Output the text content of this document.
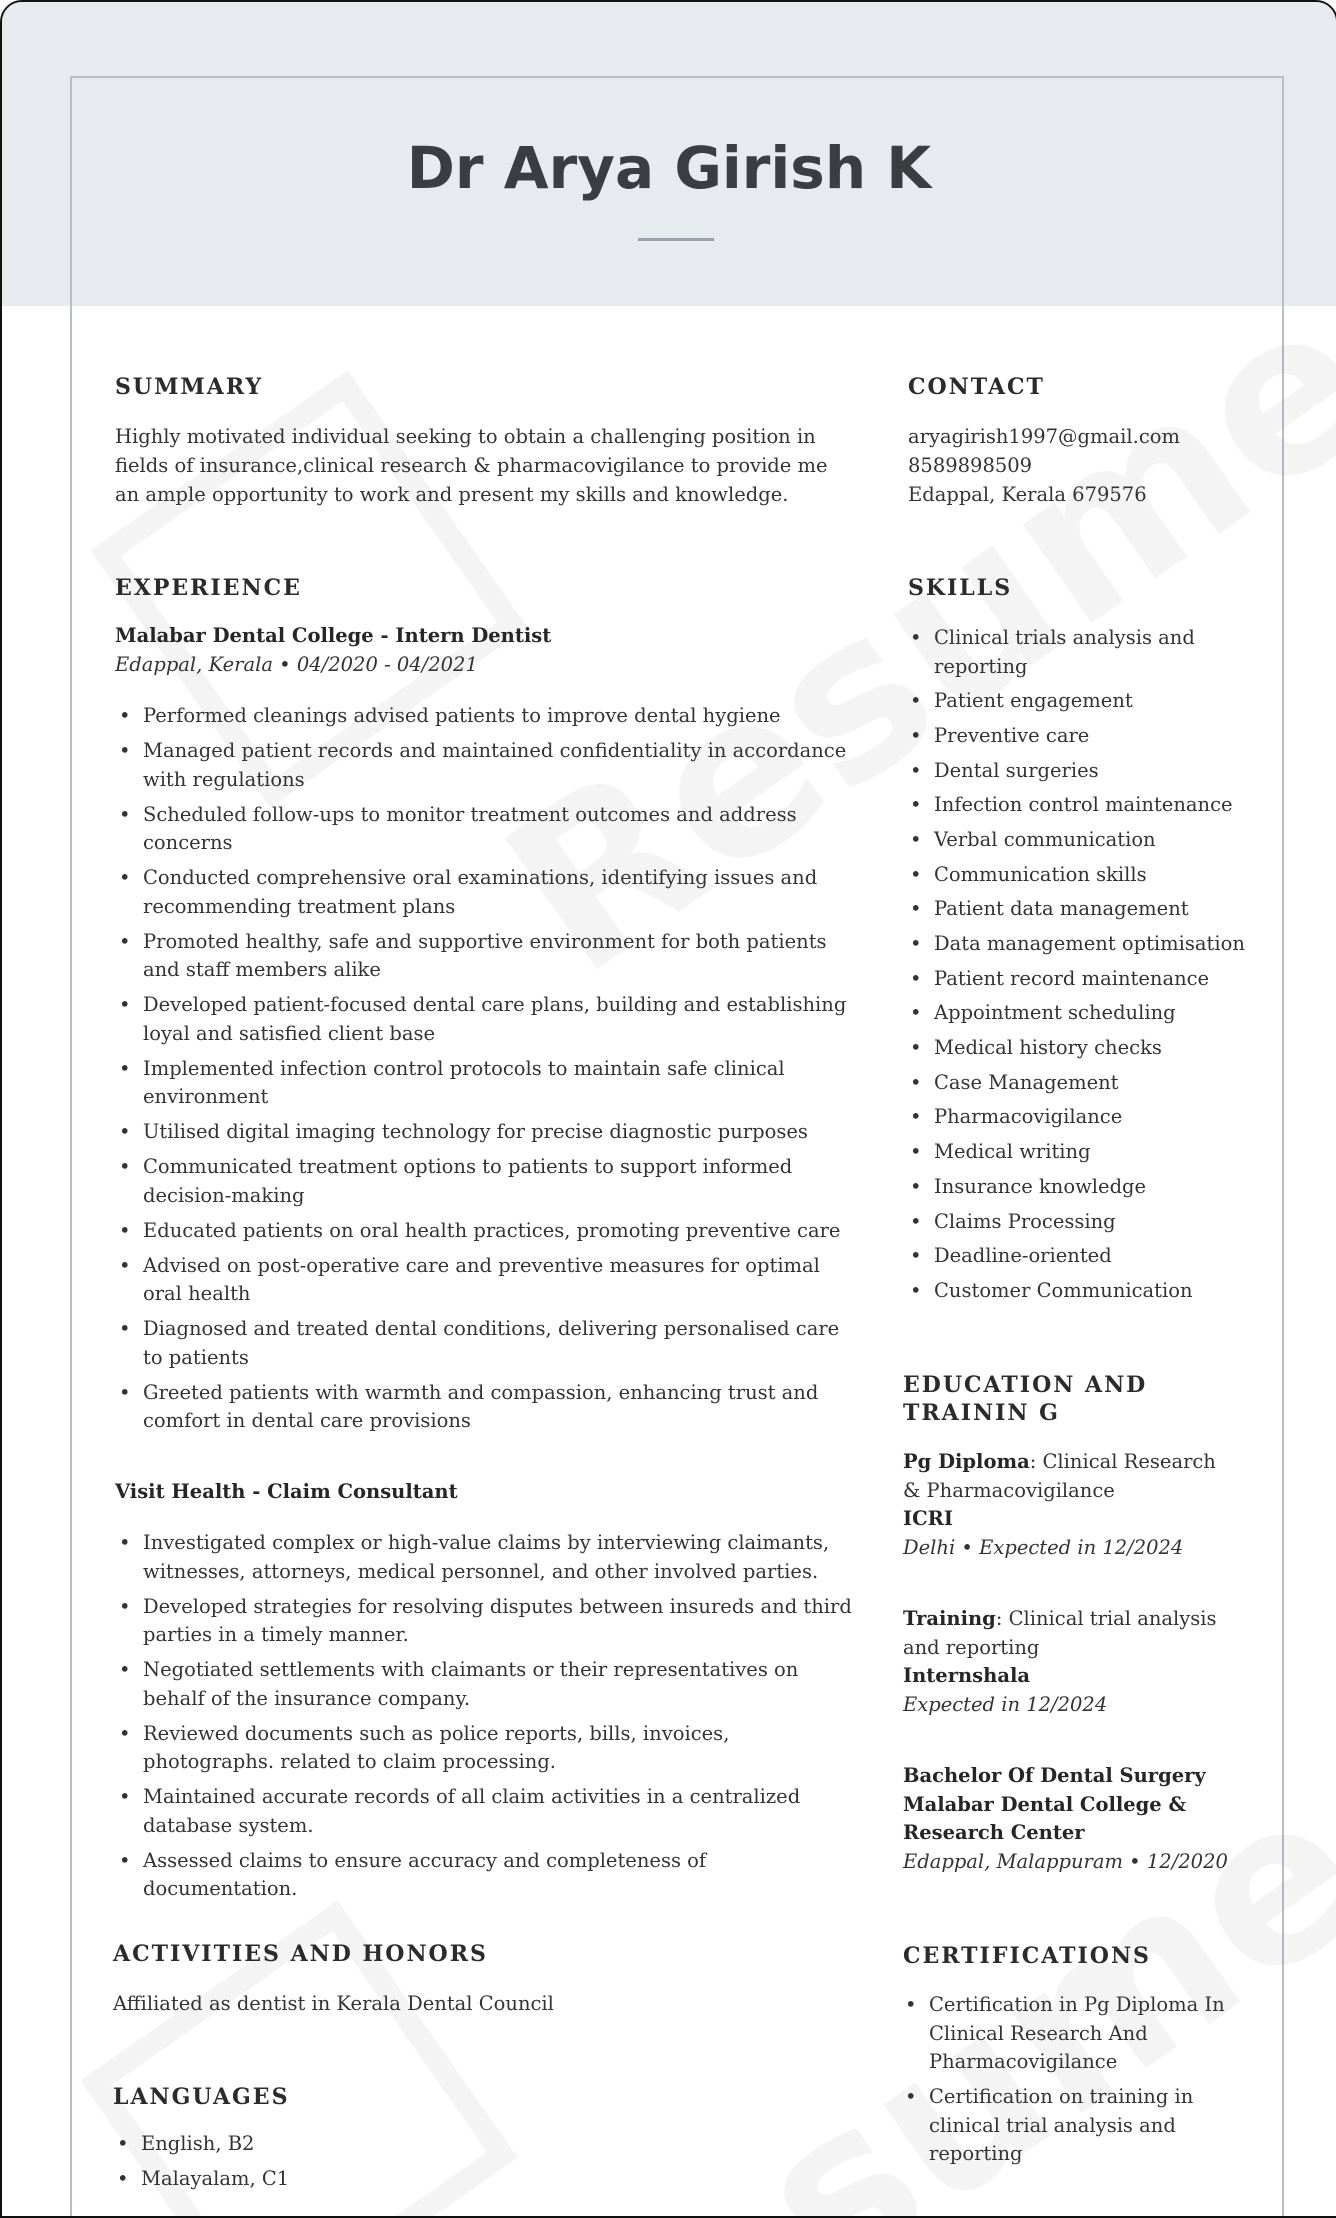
Dr Arya Girish K
SUMMARY
Highly motivated individual seeking to obtain a challenging position in fields of insurance,clinical research & pharmacovigilance to provide me an ample opportunity to work and present my skills and knowledge.
EXPERIENCE
Malabar Dental College - Intern Dentist
Edappal, Kerala • 04/2020 - 04/2021
• Performed cleanings advised patients to improve dental hygiene
• Managed patient records and maintained confidentiality in accordance with regulations
• Scheduled follow-ups to monitor treatment outcomes and address concerns
• Conducted comprehensive oral examinations, identifying issues and recommending treatment plans
• Promoted healthy, safe and supportive environment for both patients and staff members alike
• Developed patient-focused dental care plans, building and establishing loyal and satisfied client base
• Implemented infection control protocols to maintain safe clinical environment
• Utilised digital imaging technology for precise diagnostic purposes
• Communicated treatment options to patients to support informed decision-making
• Educated patients on oral health practices, promoting preventive care
• Advised on post-operative care and preventive measures for optimal oral health
• Diagnosed and treated dental conditions, delivering personalised care to patients
• Greeted patients with warmth and compassion, enhancing trust and comfort in dental care provisions
Visit Health - Claim Consultant
• Investigated complex or high-value claims by interviewing claimants, witnesses, attorneys, medical personnel, and other involved parties.
• Developed strategies for resolving disputes between insureds and third parties in a timely manner.
• Negotiated settlements with claimants or their representatives on behalf of the insurance company.
• Reviewed documents such as police reports, bills, invoices, photographs. related to claim processing.
• Maintained accurate records of all claim activities in a centralized database system.
• Assessed claims to ensure accuracy and completeness of documentation.
ACTIVITIES AND HONORS
Affiliated as dentist in Kerala Dental Council
LANGUAGES
• English, B2
• Malayalam, C1
CONTACT
aryagirish1997@gmail.com
8589898509
Edappal, Kerala 679576
SKILLS
• Clinical trials analysis and reporting
• Patient engagement
• Preventive care
• Dental surgeries
• Infection control maintenance
• Verbal communication
• Communication skills
• Patient data management
• Data management optimisation
• Patient record maintenance
• Appointment scheduling
• Medical history checks
• Case Management
• Pharmacovigilance
• Medical writing
• Insurance knowledge
• Claims Processing
• Deadline-oriented
• Customer Communication
EDUCATION AND TRAININ G
Pg Diploma: Clinical Research & Pharmacovigilance
ICRI
Delhi • Expected in 12/2024
Training: Clinical trial analysis and reporting
Internshala
Expected in 12/2024
Bachelor Of Dental Surgery
Malabar Dental College & Research Center
Edappal, Malappuram • 12/2020
CERTIFICATIONS
• Certification in Pg Diploma In Clinical Research And Pharmacovigilance
• Certification on training in clinical trial analysis and reporting
